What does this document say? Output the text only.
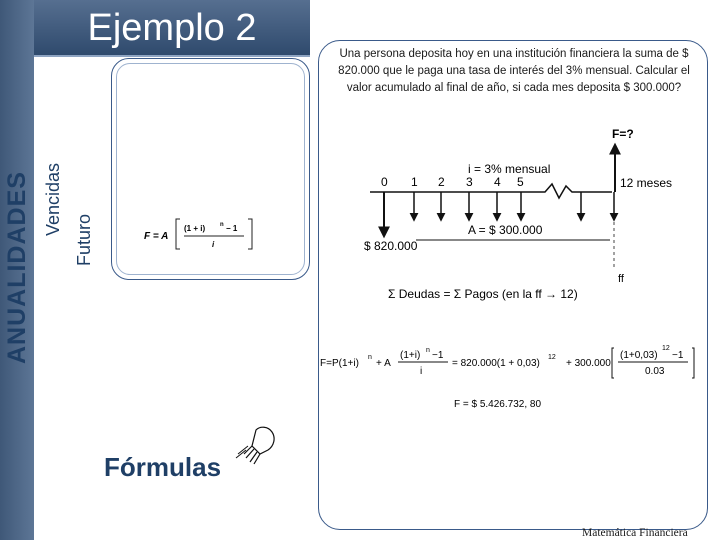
Ejemplo 2
ANUALIDADES Vencidas
Futuro	F = A
(1 + i) n − 1
i
Una persona deposita hoy en una institución financiera la suma de $ 820.000 que le paga una tasa de interés del 3% mensual. Calcular el valor acumulado al final de año, si cada mes deposita $ 300.000?
F=?
i = 3% mensual
0 1 2 3 4 5	12 meses
$ 820.000
A = $ 300.000
ff
Σ Deudas = Σ Pagos (en la ff → 12)
F=P(1+i)
n
+ A
(1+i) n −1
i
= 820.000(1 + 0,03)
12
+ 300.000
(1+0,03)
12
−1
0.03
F = $ 5.426.732, 80
Fórmulas
Matemática Financiera
